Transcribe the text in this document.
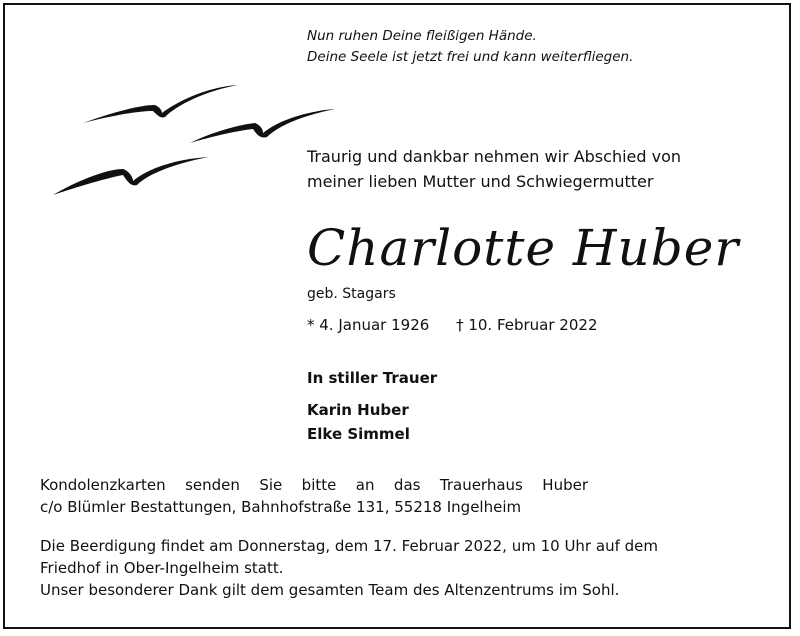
Nun ruhen Deine fleißigen Hände.
Deine Seele ist jetzt frei und kann weiterfliegen.
Traurig und dankbar nehmen wir Abschied von
meiner lieben Mutter und Schwiegermutter
Charlotte Huber
geb. Stagars
* 4. Januar 1926 † 10. Februar 2022
In stiller Trauer
Karin Huber
Elke Simmel
Kondolenzkarten senden Sie bitte an das Trauerhaus Huber
c/o Blümler Bestattungen, Bahnhofstraße 131, 55218 Ingelheim
Die Beerdigung findet am Donnerstag, dem 17. Februar 2022, um 10 Uhr auf dem
Friedhof in Ober-Ingelheim statt.
Unser besonderer Dank gilt dem gesamten Team des Altenzentrums im Sohl.
